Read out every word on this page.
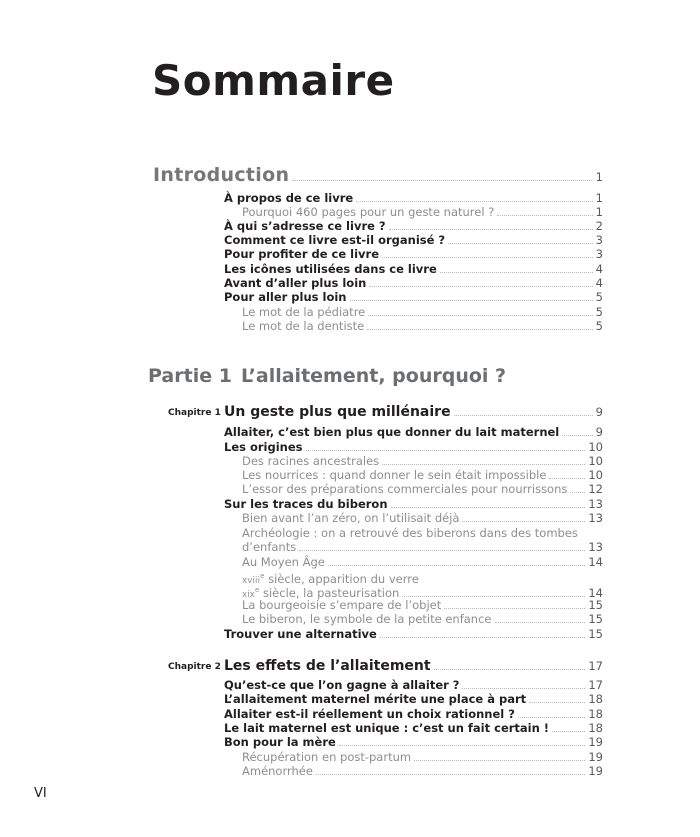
Sommaire
Introduction	1
À propos de ce livre	1
Pourquoi 460 pages pour un geste naturel ?	1
À qui s’adresse ce livre ?	2
Comment ce livre est-il organisé ?	3
Pour profiter de ce livre	3
Les icônes utilisées dans ce livre	4
Avant d’aller plus loin	4
Pour aller plus loin	5
Le mot de la pédiatre	5
Le mot de la dentiste	5
Partie 1 L’allaitement, pourquoi ?
Chapitre 1 Un geste plus que millénaire	9
Allaiter, c’est bien plus que donner du lait maternel	9
Les origines	10
Des racines ancestrales	10
Les nourrices : quand donner le sein était impossible	10
L’essor des préparations commerciales pour nourrissons 12
Sur les traces du biberon	13
Bien avant l’an zéro, on l’utilisait déjà	13
Archéologie : on a retrouvé des biberons dans des tombes
d’enfants	13
Au Moyen Âge	14
xviii$^e$ siècle, apparition du verre
xix$^e$ siècle, la pasteurisation	14
La bourgeoisie s’empare de l’objet	15
Le biberon, le symbole de la petite enfance	15
Trouver une alternative	15
Chapitre 2 Les effets de l’allaitement	17
Qu’est-ce que l’on gagne à allaiter ?	17
L’allaitement maternel mérite une place à part	18
Allaiter est-il réellement un choix rationnel ?	18
Le lait maternel est unique : c’est un fait certain !	18
Bon pour la mère	19
Récupération en post-partum	19
Aménorrhée	19
VI
